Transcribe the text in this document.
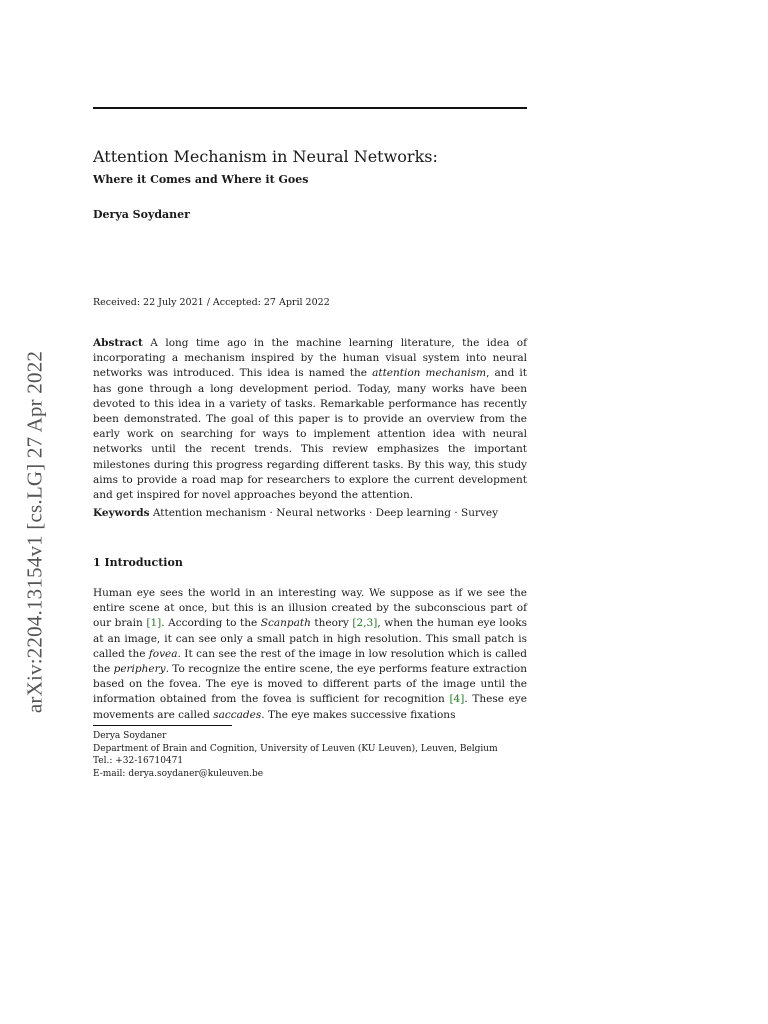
arXiv:2204.13154v1 [cs.LG] 27 Apr 2022
Attention Mechanism in Neural Networks:
Where it Comes and Where it Goes
Derya Soydaner
Received: 22 July 2021 / Accepted: 27 April 2022
Abstract A long time ago in the machine learning literature, the idea of incorporating a mechanism inspired by the human visual system into neural networks was introduced. This idea is named the attention mechanism, and it has gone through a long development period. Today, many works have been devoted to this idea in a variety of tasks. Remarkable performance has recently been demonstrated. The goal of this paper is to provide an overview from the early work on searching for ways to implement attention idea with neural networks until the recent trends. This review emphasizes the important milestones during this progress regarding different tasks. By this way, this study aims to provide a road map for researchers to explore the current development and get inspired for novel approaches beyond the attention.
Keywords Attention mechanism · Neural networks · Deep learning · Survey
1 Introduction
Human eye sees the world in an interesting way. We suppose as if we see the entire scene at once, but this is an illusion created by the subconscious part of our brain [1]. According to the Scanpath theory [2,3], when the human eye looks at an image, it can see only a small patch in high resolution. This small patch is called the fovea. It can see the rest of the image in low resolution which is called the periphery. To recognize the entire scene, the eye performs feature extraction based on the fovea. The eye is moved to different parts of the image until the information obtained from the fovea is sufficient for recognition [4]. These eye movements are called saccades. The eye makes successive fixations
Derya Soydaner
Department of Brain and Cognition, University of Leuven (KU Leuven), Leuven, Belgium
Tel.: +32-16710471
E-mail: derya.soydaner@kuleuven.be
